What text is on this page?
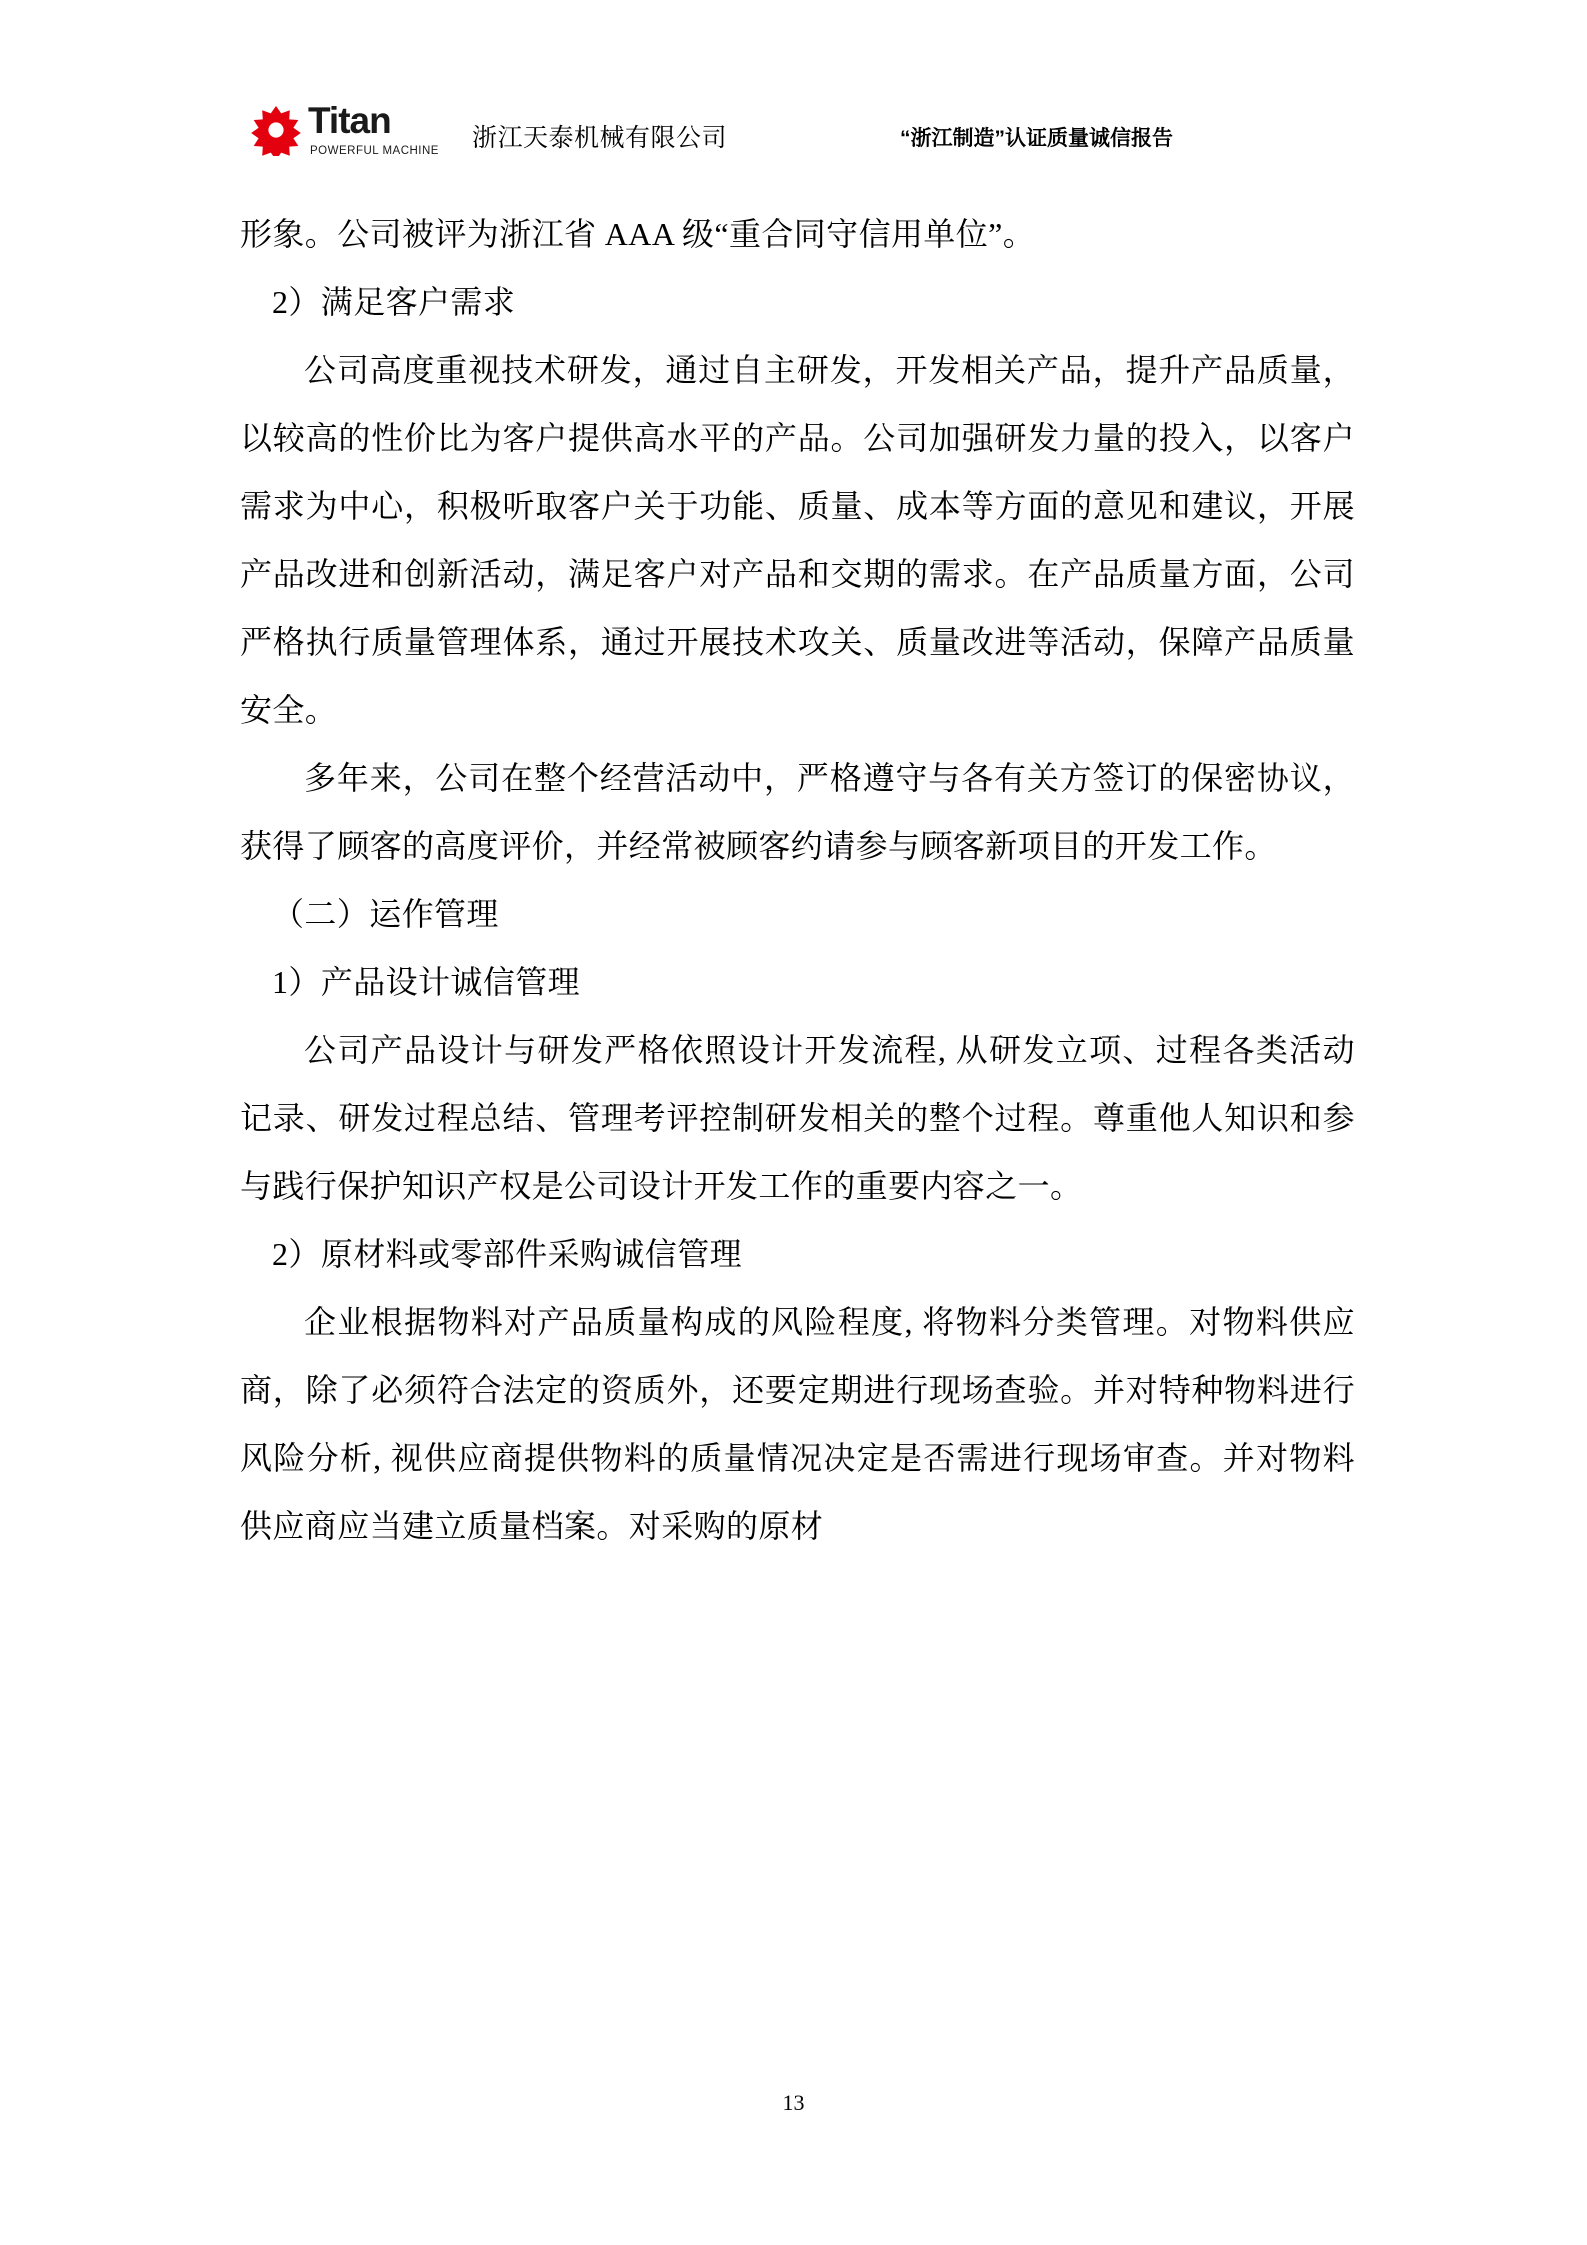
Titan
POWERFUL MACHINE 浙江天泰机械有限公司	“浙江制造”认证质量诚信报告

形象。公司被评为浙江省 AAA 级“重合同守信用单位”。

2）满足客户需求

公司高度重视技术研发，通过自主研发，开发相关产品，提升产品质量，以较高的性价比为客户提供高水平的产品。公司加强研发力量的投入，以客户需求为中心，积极听取客户关于功能、质量、成本等方面的意见和建议，开展产品改进和创新活动，满足客户对产品和交期的需求。在产品质量方面，公司严格执行质量管理体系，通过开展技术攻关、质量改进等活动，保障产品质量安全。

多年来，公司在整个经营活动中，严格遵守与各有关方签订的保密协议，获得了顾客的高度评价，并经常被顾客约请参与顾客新项目的开发工作。

（二）运作管理

1）产品设计诚信管理

公司产品设计与研发严格依照设计开发流程, 从研发立项、过程各类活动记录、研发过程总结、管理考评控制研发相关的整个过程。尊重他人知识和参与践行保护知识产权是公司设计开发工作的重要内容之一。

2）原材料或零部件采购诚信管理

企业根据物料对产品质量构成的风险程度, 将物料分类管理。对物料供应商，除了必须符合法定的资质外，还要定期进行现场查验。并对特种物料进行风险分析, 视供应商提供物料的质量情况决定是否需进行现场审查。并对物料供应商应当建立质量档案。对采购的原材

13
